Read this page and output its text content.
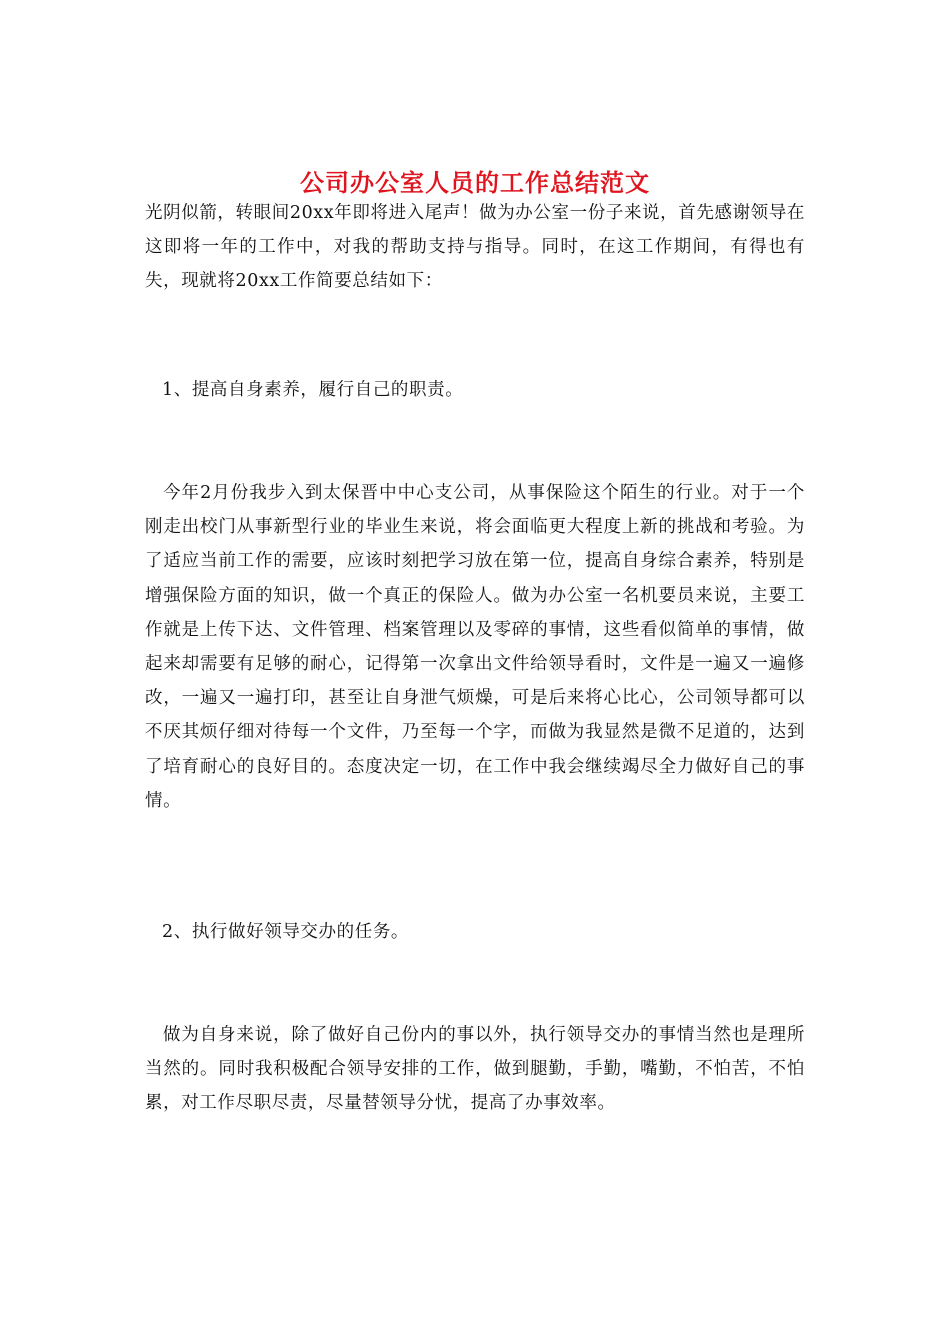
公司办公室人员的工作总结范文

光阴似箭，转眼间20xx年即将进入尾声！做为办公室一份子来说，首先感谢领导在这即将一年的工作中，对我的帮助支持与指导。同时，在这工作期间，有得也有失，现就将20xx工作简要总结如下：

1、提高自身素养，履行自己的职责。

今年2月份我步入到太保晋中中心支公司，从事保险这个陌生的行业。对于一个刚走出校门从事新型行业的毕业生来说，将会面临更大程度上新的挑战和考验。为了适应当前工作的需要，应该时刻把学习放在第一位，提高自身综合素养，特别是增强保险方面的知识，做一个真正的保险人。做为办公室一名机要员来说，主要工作就是上传下达、文件管理、档案管理以及零碎的事情，这些看似简单的事情，做起来却需要有足够的耐心，记得第一次拿出文件给领导看时，文件是一遍又一遍修改，一遍又一遍打印，甚至让自身泄气烦燥，可是后来将心比心，公司领导都可以不厌其烦仔细对待每一个文件，乃至每一个字，而做为我显然是微不足道的，达到了培育耐心的良好目的。态度决定一切，在工作中我会继续竭尽全力做好自己的事情。

2、执行做好领导交办的任务。

做为自身来说，除了做好自己份内的事以外，执行领导交办的事情当然也是理所当然的。同时我积极配合领导安排的工作，做到腿勤，手勤，嘴勤，不怕苦，不怕累，对工作尽职尽责，尽量替领导分忧，提高了办事效率。
